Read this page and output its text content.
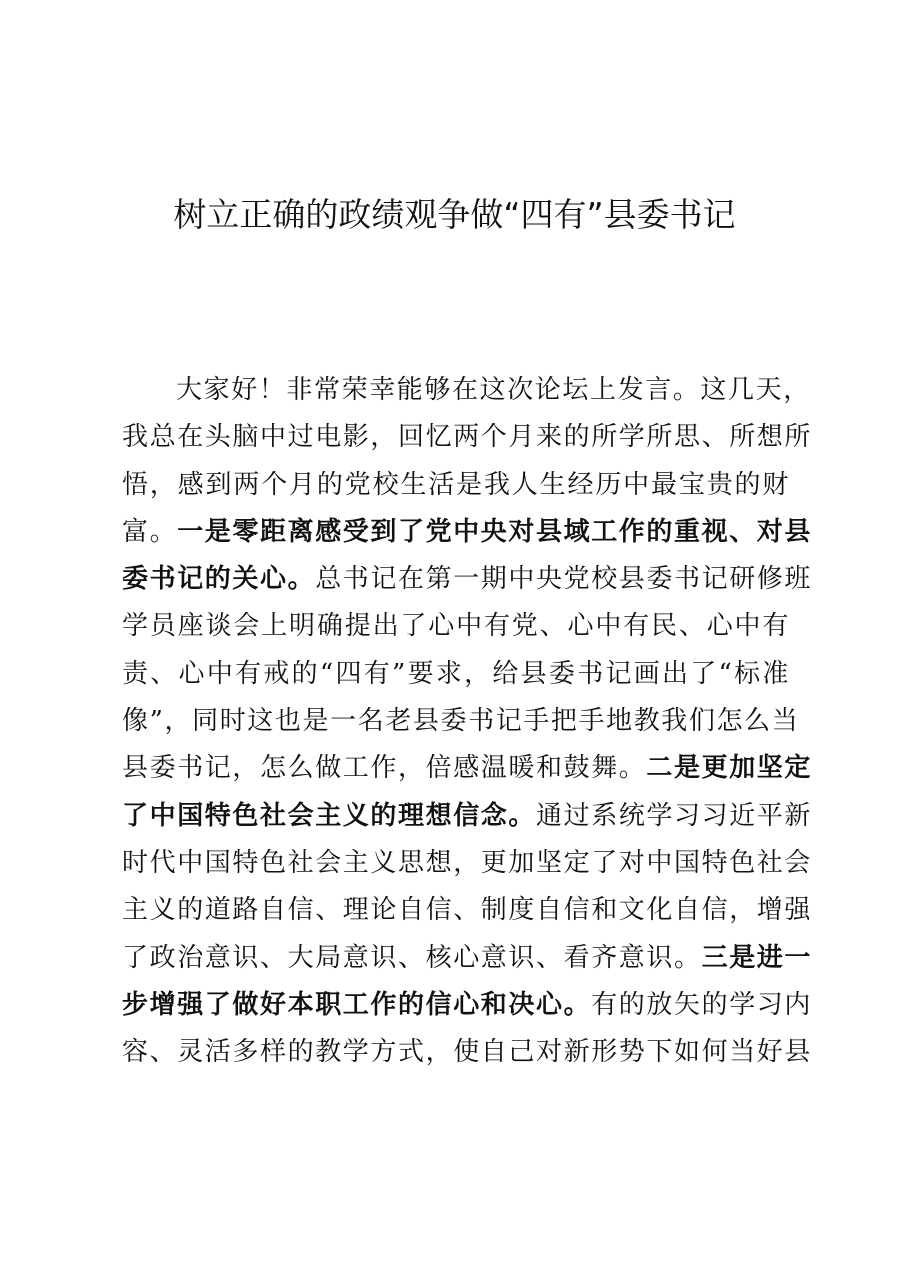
树立正确的政绩观争做“四有”县委书记
大家好！非常荣幸能够在这次论坛上发言。这几天，
我总在头脑中过电影，回忆两个月来的所学所思、所想所
悟，感到两个月的党校生活是我人生经历中最宝贵的财
富。一是零距离感受到了党中央对县域工作的重视、对县
委书记的关心。总书记在第一期中央党校县委书记研修班
学员座谈会上明确提出了心中有党、心中有民、心中有
责、心中有戒的“四有”要求，给县委书记画出了“标准
像”，同时这也是一名老县委书记手把手地教我们怎么当
县委书记，怎么做工作，倍感温暖和鼓舞。二是更加坚定
了中国特色社会主义的理想信念。通过系统学习习近平新
时代中国特色社会主义思想，更加坚定了对中国特色社会
主义的道路自信、理论自信、制度自信和文化自信，增强
了政治意识、大局意识、核心意识、看齐意识。三是进一
步增强了做好本职工作的信心和决心。有的放矢的学习内
容、灵活多样的教学方式，使自己对新形势下如何当好县
